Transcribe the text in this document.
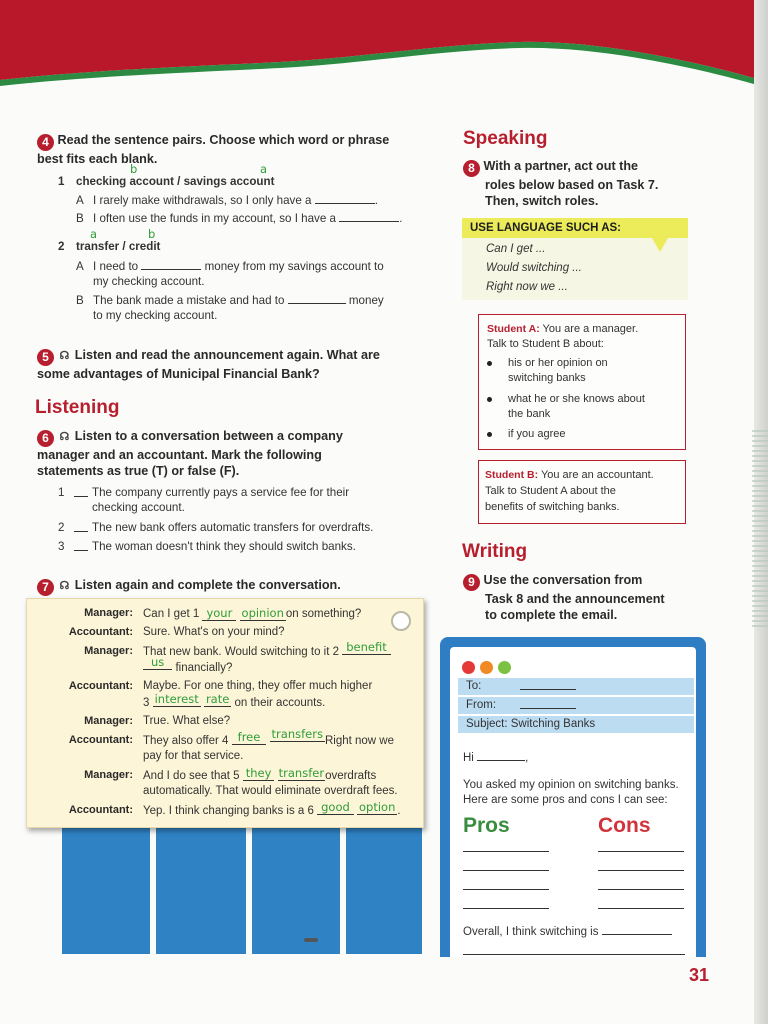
4 Read the sentence pairs. Choose which word or phrase best fits each blank.
b	a
1 checking account / savings account
A I rarely make withdrawals, so I only have a	.
B I often use the funds in my account, so I have a	.
a	b
2 transfer / credit
A I need to	money from my savings account to
my checking account.
B The bank made a mistake and had to	money
to my checking account.
5 ☊ Listen and read the announcement again. What are
some advantages of Municipal Financial Bank?
Listening
6 ☊ Listen to a conversation between a company
manager and an accountant. Mark the following
statements as true (T) or false (F).
1 The company currently pays a service fee for their
checking account.
2 The new bank offers automatic transfers for overdrafts.
3 The woman doesn't think they should switch banks.
7 ☊ Listen again and complete the conversation.
Manager: Can I get 1 your opinion on something?
Accountant: Sure. What's on your mind?
Manager: That new bank. Would switching to it 2 benefit
us financially?
Accountant: Maybe. For one thing, they offer much higher
3 interest rate on their accounts.
Manager: True. What else?
Accountant: They also offer 4 free transfers Right now we
pay for that service.
Manager: And I do see that 5 they transferoverdrafts
automatically. That would eliminate overdraft fees.
Accountant: Yep. I think changing banks is a 6 good option .
Speaking
8 With a partner, act out the
roles below based on Task 7.
Then, switch roles.
USE LANGUAGE SUCH AS:
Can I get ...
Would switching ...
Right now we ...
Student A: You are a manager.
Talk to Student B about:
his or her opinion on
switching banks
what he or she knows about
the bank
if you agree
Student B: You are an accountant.
Talk to Student A about the
benefits of switching banks.
Writing
9 Use the conversation from
Task 8 and the announcement
to complete the email.
To:
From:
Subject: Switching Banks
Hi	,
You asked my opinion on switching banks.
Here are some pros and cons I can see:
Pros	Cons
Overall, I think switching is
31
